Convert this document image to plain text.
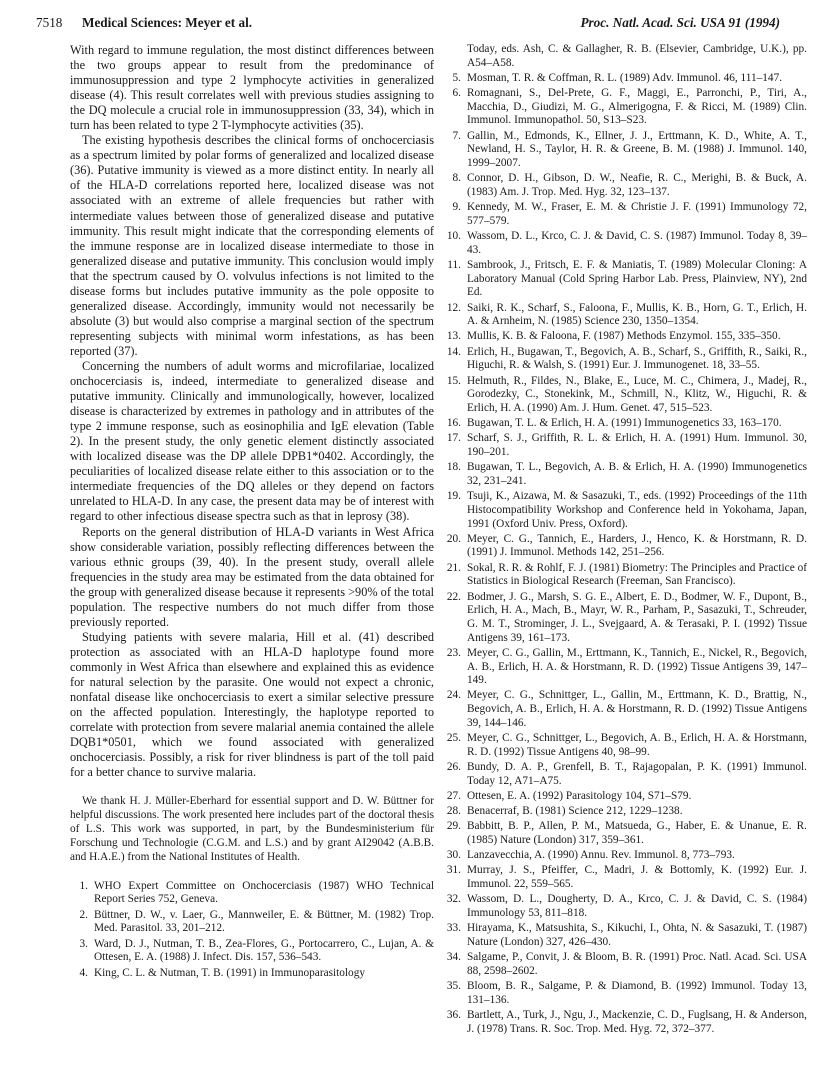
7518 Medical Sciences: Meyer et al.	Proc. Natl. Acad. Sci. USA 91 (1994)

With regard to immune regulation, the most distinct differences between the two groups appear to result from the predominance of immunosuppression and type 2 lymphocyte activities in generalized disease (4). This result correlates well with previous studies assigning to the DQ molecule a crucial role in immunosuppression (33, 34), which in turn has been related to type 2 T-lymphocyte activities (35).

The existing hypothesis describes the clinical forms of onchocerciasis as a spectrum limited by polar forms of generalized and localized disease (36). Putative immunity is viewed as a more distinct entity. In nearly all of the HLA-D correlations reported here, localized disease was not associated with an extreme of allele frequencies but rather with intermediate values between those of generalized disease and putative immunity. This result might indicate that the corresponding elements of the immune response are in localized disease intermediate to those in generalized disease and putative immunity. This conclusion would imply that the spectrum caused by O. volvulus infections is not limited to the disease forms but includes putative immunity as the pole opposite to generalized disease. Accordingly, immunity would not necessarily be absolute (3) but would also comprise a marginal section of the spectrum representing subjects with minimal worm infestations, as has been reported (37).

Concerning the numbers of adult worms and microfilariae, localized onchocerciasis is, indeed, intermediate to generalized disease and putative immunity. Clinically and immunologically, however, localized disease is characterized by extremes in pathology and in attributes of the type 2 immune response, such as eosinophilia and IgE elevation (Table 2). In the present study, the only genetic element distinctly associated with localized disease was the DP allele DPB1*0402. Accordingly, the peculiarities of localized disease relate either to this association or to the intermediate frequencies of the DQ alleles or they depend on factors unrelated to HLA-D. In any case, the present data may be of interest with regard to other infectious disease spectra such as that in leprosy (38).

Reports on the general distribution of HLA-D variants in West Africa show considerable variation, possibly reflecting differences between the various ethnic groups (39, 40). In the present study, overall allele frequencies in the study area may be estimated from the data obtained for the group with generalized disease because it represents >90% of the total population. The respective numbers do not much differ from those previously reported.

Studying patients with severe malaria, Hill et al. (41) described protection as associated with an HLA-D haplotype found more commonly in West Africa than elsewhere and explained this as evidence for natural selection by the parasite. One would not expect a chronic, nonfatal disease like onchocerciasis to exert a similar selective pressure on the affected population. Interestingly, the haplotype reported to correlate with protection from severe malarial anemia contained the allele DQB1*0501, which we found associated with generalized onchocerciasis. Possibly, a risk for river blindness is part of the toll paid for a better chance to survive malaria.

We thank H. J. Müller-Eberhard for essential support and D. W. Büttner for helpful discussions. The work presented here includes part of the doctoral thesis of L.S. This work was supported, in part, by the Bundesministerium für Forschung und Technologie (C.G.M. and L.S.) and by grant AI29042 (A.B.B. and H.A.E.) from the National Institutes of Health.

1. WHO Expert Committee on Onchocerciasis (1987) WHO Technical Report Series 752, Geneva.
2. Büttner, D. W., v. Laer, G., Mannweiler, E. & Büttner, M. (1982) Trop. Med. Parasitol. 33, 201–212.
3. Ward, D. J., Nutman, T. B., Zea-Flores, G., Portocarrero, C., Lujan, A. & Ottesen, E. A. (1988) J. Infect. Dis. 157, 536–543.
4. King, C. L. & Nutman, T. B. (1991) in Immunoparasitology
Today, eds. Ash, C. & Gallagher, R. B. (Elsevier, Cambridge, U.K.), pp. A54–A58.
5. Mosman, T. R. & Coffman, R. L. (1989) Adv. Immunol. 46, 111–147.
6. Romagnani, S., Del-Prete, G. F., Maggi, E., Parronchi, P., Tiri, A., Macchia, D., Giudizi, M. G., Almerigogna, F. & Ricci, M. (1989) Clin. Immunol. Immunopathol. 50, S13–S23.
7. Gallin, M., Edmonds, K., Ellner, J. J., Erttmann, K. D., White, A. T., Newland, H. S., Taylor, H. R. & Greene, B. M. (1988) J. Immunol. 140, 1999–2007.
8. Connor, D. H., Gibson, D. W., Neafie, R. C., Merighi, B. & Buck, A. (1983) Am. J. Trop. Med. Hyg. 32, 123–137.
9. Kennedy, M. W., Fraser, E. M. & Christie J. F. (1991) Immunology 72, 577–579.
10. Wassom, D. L., Krco, C. J. & David, C. S. (1987) Immunol. Today 8, 39–43.
11. Sambrook, J., Fritsch, E. F. & Maniatis, T. (1989) Molecular Cloning: A Laboratory Manual (Cold Spring Harbor Lab. Press, Plainview, NY), 2nd Ed.
12. Saiki, R. K., Scharf, S., Faloona, F., Mullis, K. B., Horn, G. T., Erlich, H. A. & Arnheim, N. (1985) Science 230, 1350–1354.
13. Mullis, K. B. & Faloona, F. (1987) Methods Enzymol. 155, 335–350.
14. Erlich, H., Bugawan, T., Begovich, A. B., Scharf, S., Griffith, R., Saiki, R., Higuchi, R. & Walsh, S. (1991) Eur. J. Immunogenet. 18, 33–55.
15. Helmuth, R., Fildes, N., Blake, E., Luce, M. C., Chimera, J., Madej, R., Gorodezky, C., Stonekink, M., Schmill, N., Klitz, W., Higuchi, R. & Erlich, H. A. (1990) Am. J. Hum. Genet. 47, 515–523.
16. Bugawan, T. L. & Erlich, H. A. (1991) Immunogenetics 33, 163–170.
17. Scharf, S. J., Griffith, R. L. & Erlich, H. A. (1991) Hum. Immunol. 30, 190–201.
18. Bugawan, T. L., Begovich, A. B. & Erlich, H. A. (1990) Immunogenetics 32, 231–241.
19. Tsuji, K., Aizawa, M. & Sasazuki, T., eds. (1992) Proceedings of the 11th Histocompatibility Workshop and Conference held in Yokohama, Japan, 1991 (Oxford Univ. Press, Oxford).
20. Meyer, C. G., Tannich, E., Harders, J., Henco, K. & Horstmann, R. D. (1991) J. Immunol. Methods 142, 251–256.
21. Sokal, R. R. & Rohlf, F. J. (1981) Biometry: The Principles and Practice of Statistics in Biological Research (Freeman, San Francisco).
22. Bodmer, J. G., Marsh, S. G. E., Albert, E. D., Bodmer, W. F., Dupont, B., Erlich, H. A., Mach, B., Mayr, W. R., Parham, P., Sasazuki, T., Schreuder, G. M. T., Strominger, J. L., Svejgaard, A. & Terasaki, P. I. (1992) Tissue Antigens 39, 161–173.
23. Meyer, C. G., Gallin, M., Erttmann, K., Tannich, E., Nickel, R., Begovich, A. B., Erlich, H. A. & Horstmann, R. D. (1992) Tissue Antigens 39, 147–149.
24. Meyer, C. G., Schnittger, L., Gallin, M., Erttmann, K. D., Brattig, N., Begovich, A. B., Erlich, H. A. & Horstmann, R. D. (1992) Tissue Antigens 39, 144–146.
25. Meyer, C. G., Schnittger, L., Begovich, A. B., Erlich, H. A. & Horstmann, R. D. (1992) Tissue Antigens 40, 98–99.
26. Bundy, D. A. P., Grenfell, B. T., Rajagopalan, P. K. (1991) Immunol. Today 12, A71–A75.
27. Ottesen, E. A. (1992) Parasitology 104, S71–S79.
28. Benacerraf, B. (1981) Science 212, 1229–1238.
29. Babbitt, B. P., Allen, P. M., Matsueda, G., Haber, E. & Unanue, E. R. (1985) Nature (London) 317, 359–361.
30. Lanzavecchia, A. (1990) Annu. Rev. Immunol. 8, 773–793.
31. Murray, J. S., Pfeiffer, C., Madri, J. & Bottomly, K. (1992) Eur. J. Immunol. 22, 559–565.
32. Wassom, D. L., Dougherty, D. A., Krco, C. J. & David, C. S. (1984) Immunology 53, 811–818.
33. Hirayama, K., Matsushita, S., Kikuchi, I., Ohta, N. & Sasazuki, T. (1987) Nature (London) 327, 426–430.
34. Salgame, P., Convit, J. & Bloom, B. R. (1991) Proc. Natl. Acad. Sci. USA 88, 2598–2602.
35. Bloom, B. R., Salgame, P. & Diamond, B. (1992) Immunol. Today 13, 131–136.
36. Bartlett, A., Turk, J., Ngu, J., Mackenzie, C. D., Fuglsang, H. & Anderson, J. (1978) Trans. R. Soc. Trop. Med. Hyg. 72, 372–377.
